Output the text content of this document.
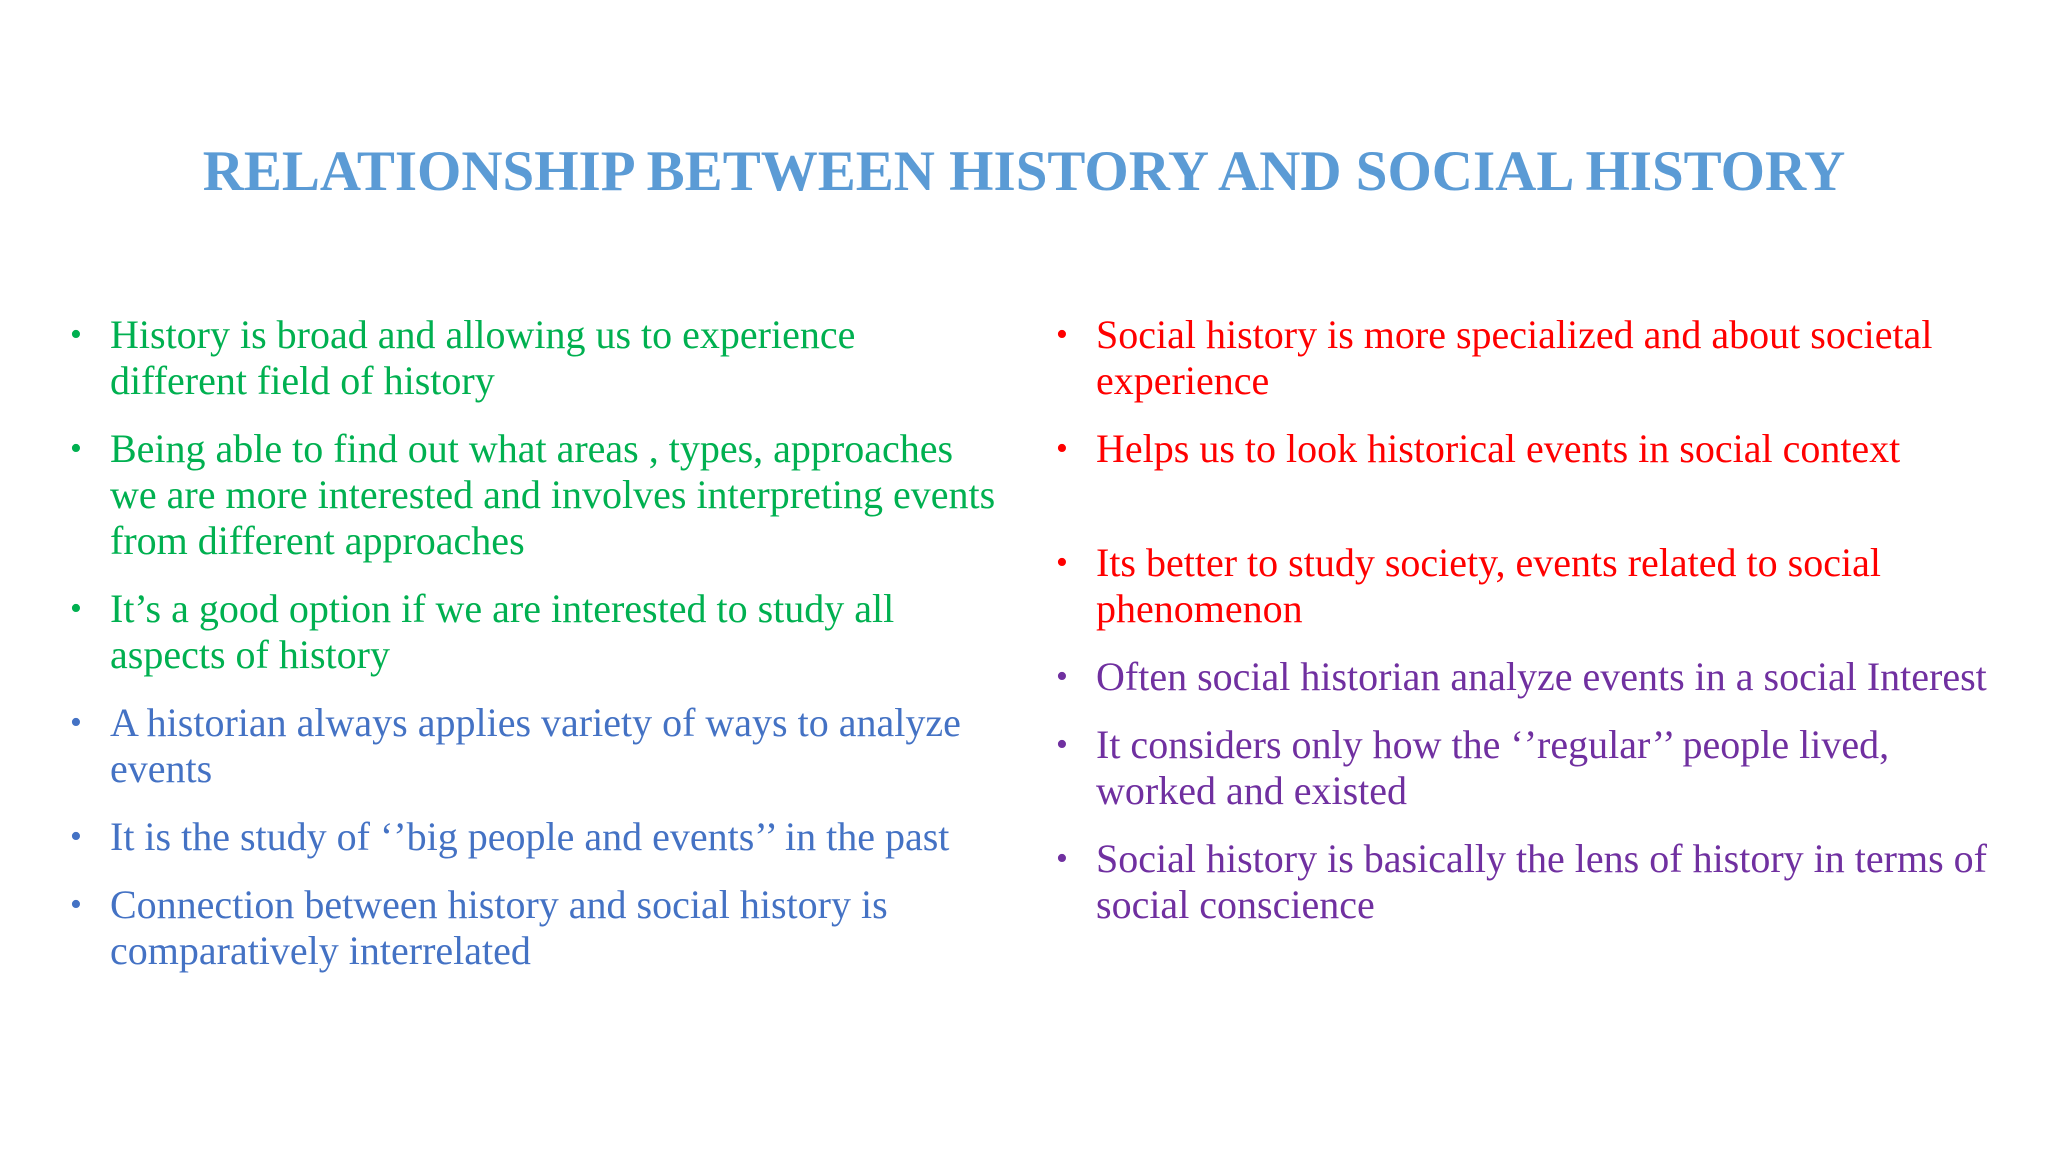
RELATIONSHIP BETWEEN HISTORY AND SOCIAL HISTORY
• History is broad and allowing us to experience different field of history
• Being able to find out what areas , types, approaches we are more interested and involves interpreting events from different approaches
• It’s a good option if we are interested to study all aspects of history
• A historian always applies variety of ways to analyze events
• It is the study of ‘’big people and events’’ in the past
• Connection between history and social history is comparatively interrelated
• Social history is more specialized and about societal experience
• Helps us to look historical events in social context
• Its better to study society, events related to social phenomenon
• Often social historian analyze events in a social Interest
• It considers only how the ‘’regular’’ people lived, worked and existed
• Social history is basically the lens of history in terms of social conscience
